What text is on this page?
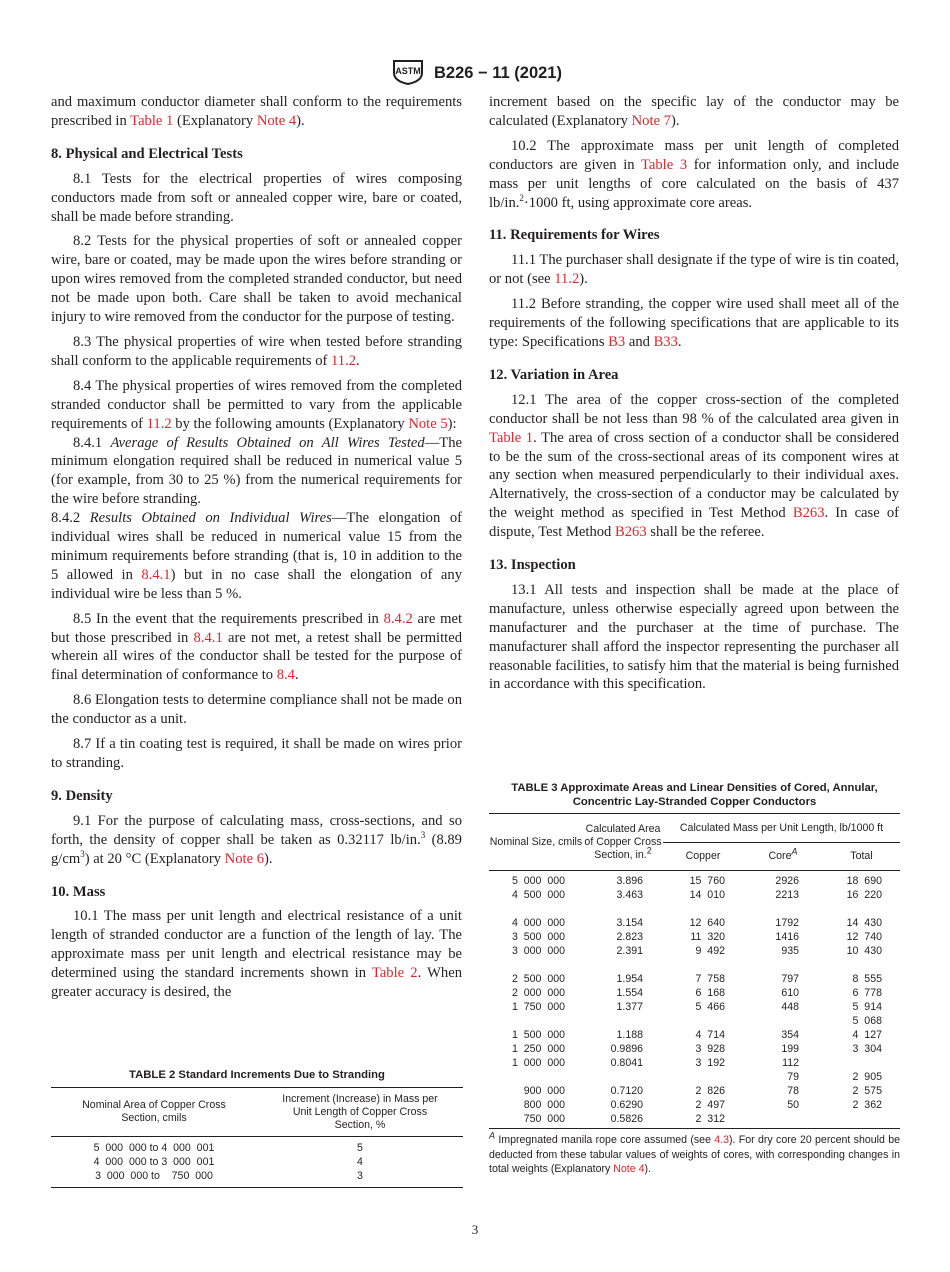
ASTM B226 − 11 (2021)

and maximum conductor diameter shall conform to the requirements prescribed in Table 1 (Explanatory Note 4).

8. Physical and Electrical Tests

8.1 Tests for the electrical properties of wires composing conductors made from soft or annealed copper wire, bare or coated, shall be made before stranding.

8.2 Tests for the physical properties of soft or annealed copper wire, bare or coated, may be made upon the wires before stranding or upon wires removed from the completed stranded conductor, but need not be made upon both. Care shall be taken to avoid mechanical injury to wire removed from the conductor for the purpose of testing.

8.3 The physical properties of wire when tested before stranding shall conform to the applicable requirements of 11.2.

8.4 The physical properties of wires removed from the completed stranded conductor shall be permitted to vary from the applicable requirements of 11.2 by the following amounts (Explanatory Note 5):

8.4.1 Average of Results Obtained on All Wires Tested—The minimum elongation required shall be reduced in numerical value 5 (for example, from 30 to 25 %) from the numerical requirements for the wire before stranding.

8.4.2 Results Obtained on Individual Wires—The elongation of individual wires shall be reduced in numerical value 15 from the minimum requirements before stranding (that is, 10 in addition to the 5 allowed in 8.4.1) but in no case shall the elongation of any individual wire be less than 5 %.

8.5 In the event that the requirements prescribed in 8.4.2 are met but those prescribed in 8.4.1 are not met, a retest shall be permitted wherein all wires of the conductor shall be tested for the purpose of final determination of conformance to 8.4.

8.6 Elongation tests to determine compliance shall not be made on the conductor as a unit.

8.7 If a tin coating test is required, it shall be made on wires prior to stranding.

9. Density

9.1 For the purpose of calculating mass, cross-sections, and so forth, the density of copper shall be taken as 0.32117 lb/in.$^3$ (8.89 $g/cm^3$) at 20 °C (Explanatory Note 6).

10. Mass

10.1 The mass per unit length and electrical resistance of a unit length of stranded conductor are a function of the length of lay. The approximate mass per unit length and electrical resistance may be determined using the standard increments shown in Table 2. When greater accuracy is desired, the

increment based on the specific lay of the conductor may be calculated (Explanatory Note 7).

10.2 The approximate mass per unit length of completed conductors are given in Table 3 for information only, and include mass per unit lengths of core calculated on the basis of 437 lb/in.$^2$·1000 ft, using approximate core areas.

11. Requirements for Wires

11.1 The purchaser shall designate if the type of wire is tin coated, or not (see 11.2).

11.2 Before stranding, the copper wire used shall meet all of the requirements of the following specifications that are applicable to its type: Specifications B3 and B33.

12. Variation in Area

12.1 The area of the copper cross-section of the completed conductor shall be not less than 98 % of the calculated area given in Table 1. The area of cross section of a conductor shall be considered to be the sum of the cross-sectional areas of its component wires at any section when measured perpendicularly to their individual axes. Alternatively, the cross-section of a conductor may be calculated by the weight method as specified in Test Method B263. In case of dispute, Test Method B263 shall be the referee.

13. Inspection

13.1 All tests and inspection shall be made at the place of manufacture, unless otherwise especially agreed upon between the manufacturer and the purchaser at the time of purchase. The manufacturer shall afford the inspector representing the purchaser all reasonable facilities, to satisfy him that the material is being furnished in accordance with this specification.

TABLE 2 Standard Increments Due to Stranding
Nominal Area of Copper Cross Section, cmils	Increment (Increase) in Mass per Unit Length of Copper Cross Section, %
5  000  000 to 4  000  001	5
4  000  000 to 3  000  001	4
3  000  000 to    750  000	3
TABLE 3 Approximate Areas and Linear Densities of Cored, Annular, Concentric Lay-Stranded Copper Conductors
Nominal Size, cmils	Calculated Area of Copper Cross Section, in.$^2$	Calculated Mass per Unit Length, lb/1000 ft		
		Copper	Core$^A$	Total
5  000  000	3.896	15  760	2926	18  690
4  500  000	3.463	14  010	2213	16  220

4  000  000	3.154	12  640	1792	14  430
3  500  000	2.823	11  320	1416	12  740
3  000  000	2.391	9  492	935	10  430

2  500  000	1.954	7  758	797	8  555
2  000  000	1.554	6  168	610	6  778
1  750  000	1.377	5  466	448	5  914
				5  068
1  500  000	1.188	4  714	354	4  127
1  250  000	0.9896	3  928	199	3  304
1  000  000	0.8041	3  192	112	
			79	2  905
900  000	0.7120	2  826	78	2  575
800  000	0.6290	2  497	50	2  362
750  000	0.5826	2  312		
$^A$ Impregnated manila rope core assumed (see 4.3). For dry core 20 percent should be deducted from these tabular values of weights of cores, with corresponding changes in total weights (Explanatory Note 4).
3
